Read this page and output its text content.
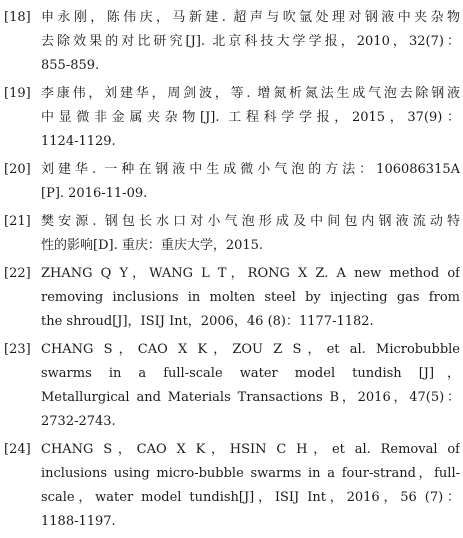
[18] 申永刚，陈伟庆，马新建. 超声与吹氩处理对钢液中夹杂物
去除效果的对比研究[J]. 北京科技大学学报，2010，32(7)：
855-859.
[19] 李康伟，刘建华，周剑波，等. 增氮析氮法生成气泡去除钢液
中显微非金属夹杂物[J]. 工程科学学报，2015，37(9)：
1124-1129.
[20] 刘建华. 一种在钢液中生成微小气泡的方法：106086315A
[P]. 2016-11-09.
[21] 樊安源. 钢包长水口对小气泡形成及中间包内钢液流动特
性的影响[D]. 重庆：重庆大学，2015.
[22] ZHANG Q Y，WANG L T，RONG X Z. A new method of
removing inclusions in molten steel by injecting gas from
the shroud[J]，ISIJ Int，2006，46 (8)：1177-1182.
[23] CHANG S，CAO X K，ZOU Z S，et al. Microbubble
swarms in a full-scale water model tundish [J]，
Metallurgical and Materials Transactions B，2016，47(5)：
2732-2743.
[24] CHANG S，CAO X K，HSIN C H，et al. Removal of
inclusions using micro-bubble swarms in a four-strand，full-
scale，water model tundish[J]，ISIJ Int，2016，56 (7)：
1188-1197.
